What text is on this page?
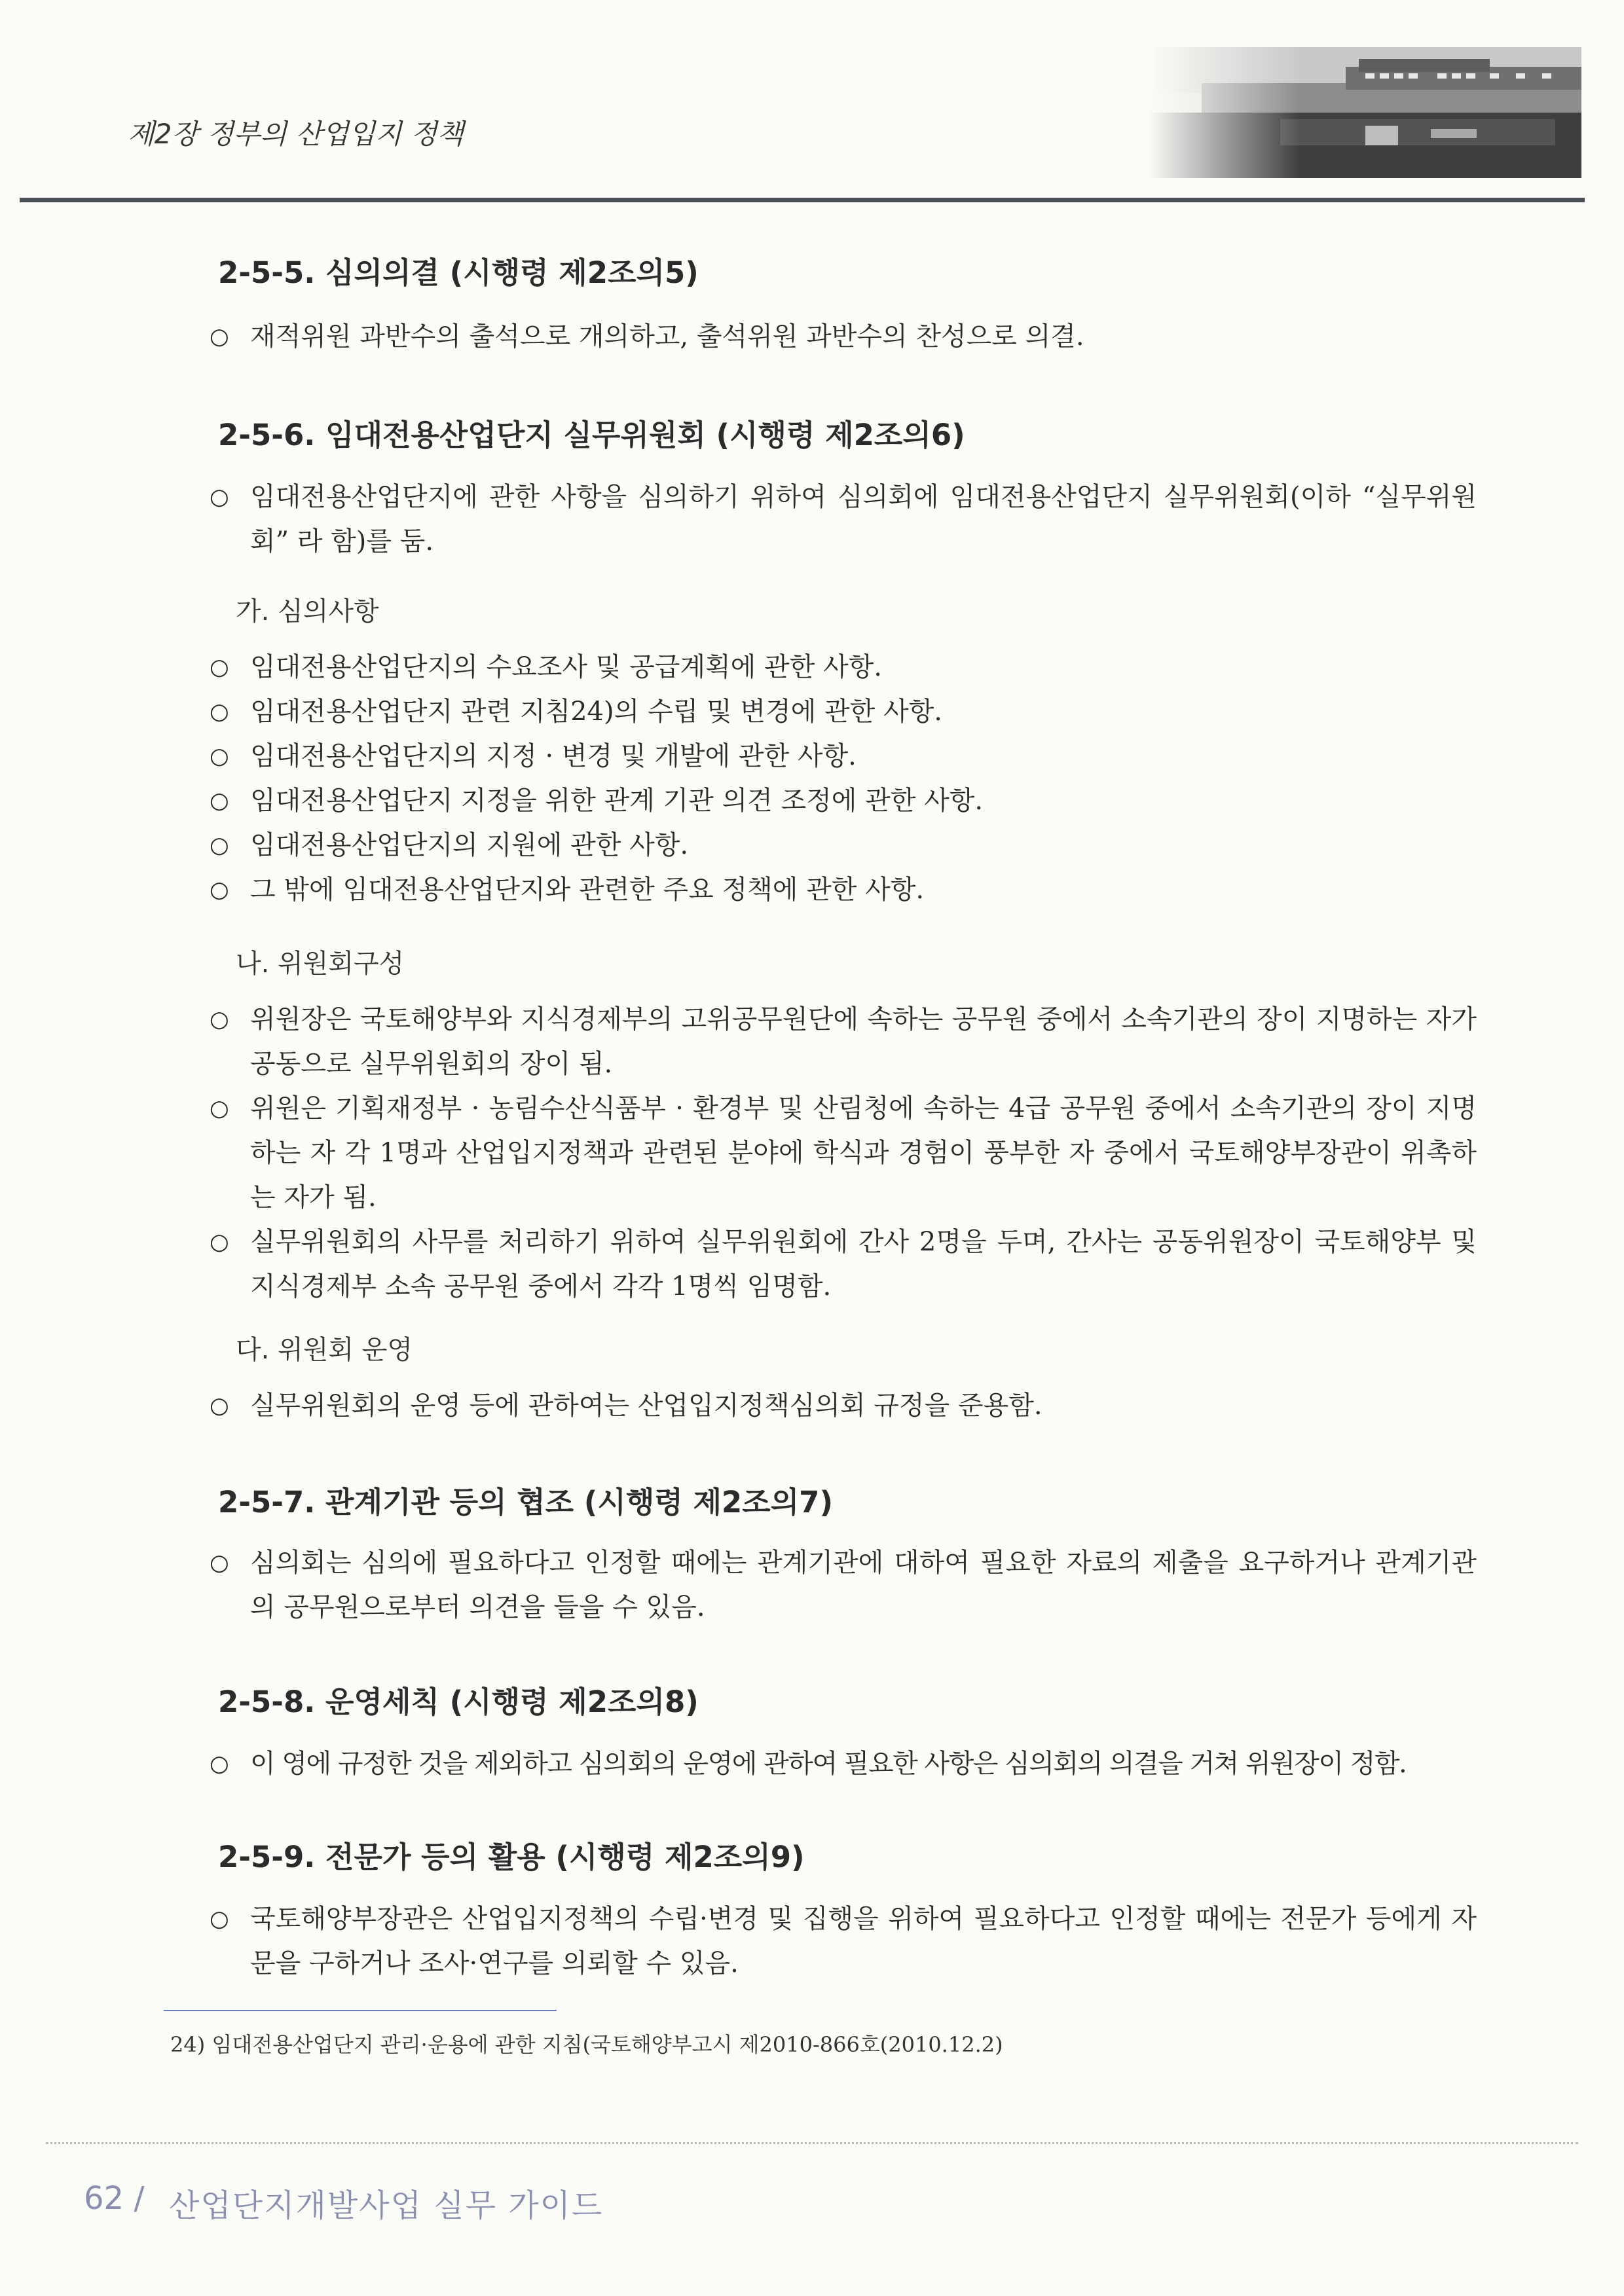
제2장 정부의 산업입지 정책
2-5-5. 심의의결 (시행령 제2조의5)
○ 재적위원 과반수의 출석으로 개의하고, 출석위원 과반수의 찬성으로 의결.
2-5-6. 임대전용산업단지 실무위원회 (시행령 제2조의6)
○ 임대전용산업단지에 관한 사항을 심의하기 위하여 심의회에 임대전용산업단지 실무위원회(이하 “실무위원회” 라 함)를 둠.
가. 심의사항
○ 임대전용산업단지의 수요조사 및 공급계획에 관한 사항.
○ 임대전용산업단지 관련 지침24)의 수립 및 변경에 관한 사항.
○ 임대전용산업단지의 지정 · 변경 및 개발에 관한 사항.
○ 임대전용산업단지 지정을 위한 관계 기관 의견 조정에 관한 사항.
○ 임대전용산업단지의 지원에 관한 사항.
○ 그 밖에 임대전용산업단지와 관련한 주요 정책에 관한 사항.
나. 위원회구성
○ 위원장은 국토해양부와 지식경제부의 고위공무원단에 속하는 공무원 중에서 소속기관의 장이 지명하는 자가 공동으로 실무위원회의 장이 됨.
○ 위원은 기획재정부 · 농림수산식품부 · 환경부 및 산림청에 속하는 4급 공무원 중에서 소속기관의 장이 지명하는 자 각 1명과 산업입지정책과 관련된 분야에 학식과 경험이 풍부한 자 중에서 국토해양부장관이 위촉하는 자가 됨.
○ 실무위원회의 사무를 처리하기 위하여 실무위원회에 간사 2명을 두며, 간사는 공동위원장이 국토해양부 및 지식경제부 소속 공무원 중에서 각각 1명씩 임명함.
다. 위원회 운영
○ 실무위원회의 운영 등에 관하여는 산업입지정책심의회 규정을 준용함.
2-5-7. 관계기관 등의 협조 (시행령 제2조의7)
○ 심의회는 심의에 필요하다고 인정할 때에는 관계기관에 대하여 필요한 자료의 제출을 요구하거나 관계기관의 공무원으로부터 의견을 들을 수 있음.
2-5-8. 운영세칙 (시행령 제2조의8)
○ 이 영에 규정한 것을 제외하고 심의회의 운영에 관하여 필요한 사항은 심의회의 의결을 거쳐 위원장이 정함.
2-5-9. 전문가 등의 활용 (시행령 제2조의9)
○ 국토해양부장관은 산업입지정책의 수립·변경 및 집행을 위하여 필요하다고 인정할 때에는 전문가 등에게 자문을 구하거나 조사·연구를 의뢰할 수 있음.
24) 임대전용산업단지 관리·운용에 관한 지침(국토해양부고시 제2010-866호(2010.12.2)
62 / 산업단지개발사업 실무 가이드
